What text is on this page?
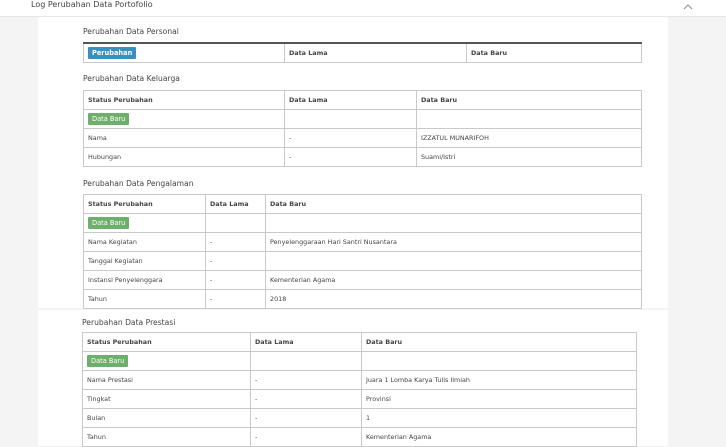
Log Perubahan Data Portofolio
Perubahan Data Personal
Perubahan	Data Lama	Data Baru
Perubahan Data Keluarga
Status Perubahan	Data Lama	Data Baru
Data Baru		
Nama	-	IZZATUL MUNARIFOH
Hubungan	-	Suami/Istri
Perubahan Data Pengalaman
Status Perubahan	Data Lama	Data Baru
Data Baru		
Nama Kegiatan	-	Penyelenggaraan Hari Santri Nusantara
Tanggal Kegiatan	-	
Instansi Penyelenggara	-	Kementerian Agama
Tahun	-	2018
Perubahan Data Prestasi
Status Perubahan	Data Lama	Data Baru
Data Baru		
Nama Prestasi	-	Juara 1 Lomba Karya Tulis Ilmiah
Tingkat	-	Provinsi
Bulan	-	1
Tahun	-	Kementerian Agama
